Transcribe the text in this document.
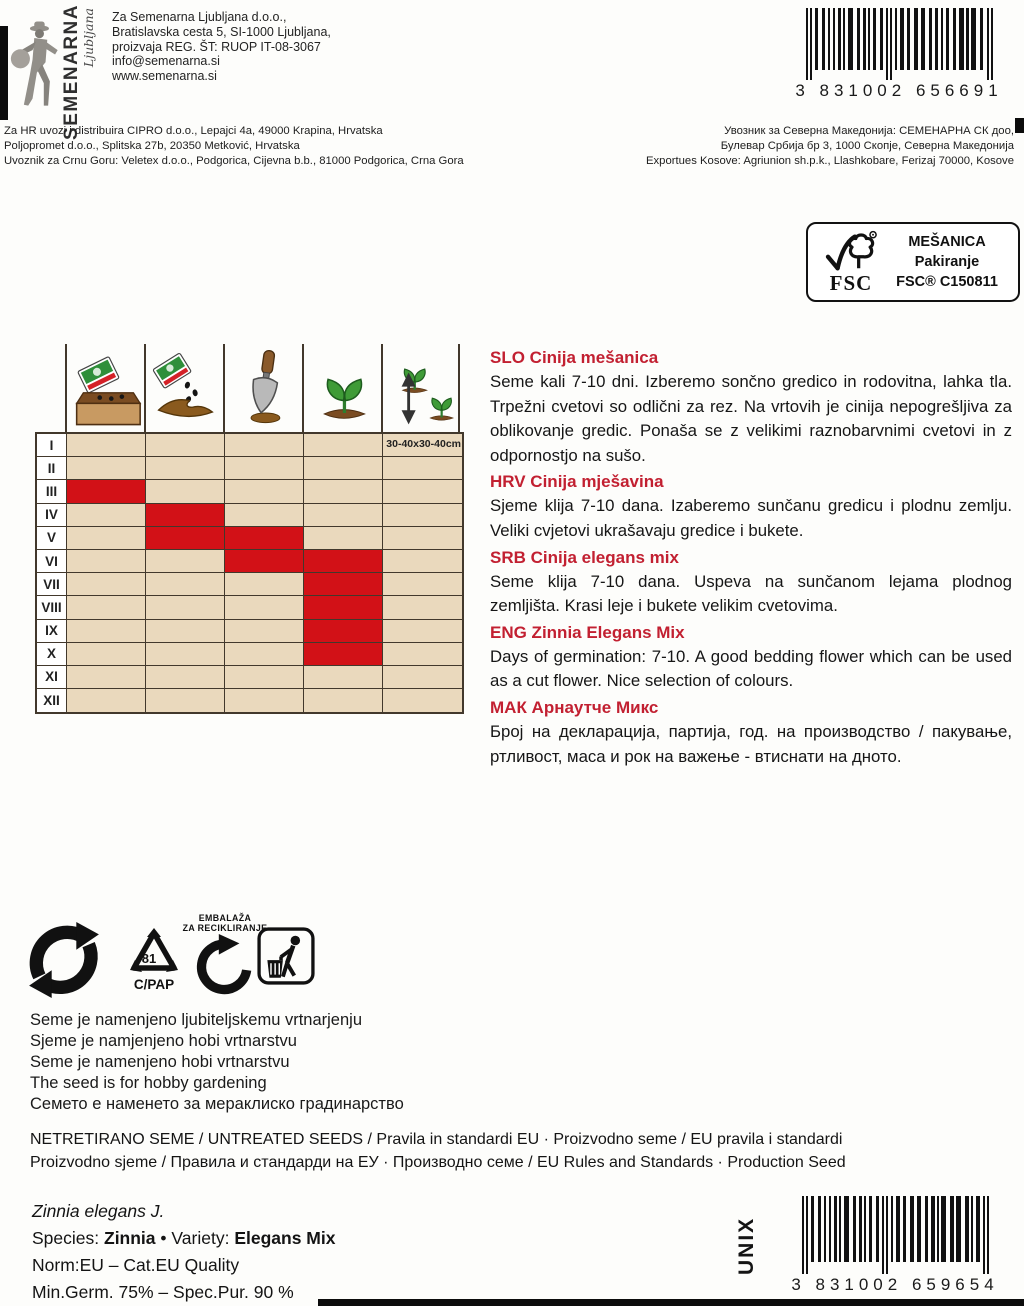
SEMENARNA Ljubljana Za Semenarna Ljubljana d.o.o.,
Bratislavska cesta 5, SI-1000 Ljubljana,
proizvaja REG. ŠT: RUOP IT-08-3067
info@semenarna.si
www.semenarna.si
3 831002 656691
Za HR uvozi i distribuira CIPRO d.o.o., Lepajci 4a, 49000 Krapina, Hrvatska
Poljopromet d.o.o., Splitska 27b, 20350 Metković, Hrvatska
Uvoznik za Crnu Goru: Veletex d.o.o., Podgorica, Cijevna b.b., 81000 Podgorica, Crna Gora
Увозник за Северна Македонија: СЕМЕНАРНА СК доо,
Булевар Србија бр 3, 1000 Скопје, Северна Македонија
Exportues Kosove: Agriunion sh.p.k., Llashkobare, Ferizaj 70000, Kosove
FSC
MEŠANICA
Pakiranje
FSC® C150811
I	30-40x30-40cm
II
III
IV
V
VI
VII
VIII
IX
X
XI
XII
SLO Cinija mešanica

Seme kali 7-10 dni. Izberemo sončno gredico in rodovitna, lahka tla. Trpežni cvetovi so odlični za rez. Na vrtovih je cinija nepogrešljiva za oblikovanje gredic. Ponaša se z velikimi raznobarvnimi cvetovi in z odpornostjo na sušo.

HRV Cinija mješavina

Sjeme klija 7-10 dana. Izaberemo sunčanu gredicu i plodnu zemlju. Veliki cvjetovi ukrašavaju gredice i bukete.

SRB Cinija elegans mix

Seme klija 7-10 dana. Uspeva na sunčanom lejama plodnog zemljišta. Krasi leje i bukete velikim cvetovima.

ENG Zinnia Elegans Mix

Days of germination: 7-10. A good bedding flower which can be used as a cut flower. Nice selection of colours.

МАК Арнаутче Микс

Број на декларација, партија, год. на производство / пакување, ртливост, маса и рок на важење - втиснати на дното.

81
C/PAP
EMBALAŽA
ZA RECIKLIRANJE
Seme je namenjeno ljubiteljskemu vrtnarjenju
Sjeme je namjenjeno hobi vrtnarstvu
Seme je namenjeno hobi vrtnarstvu
The seed is for hobby gardening
Семето е наменето за мераклиско градинарство
NETRETIRANO SEME / UNTREATED SEEDS / Pravila in standardi EU · Proizvodno seme / EU pravila i standardi
Proizvodno sjeme / Правила и стандарди на ЕУ · Производно семе / EU Rules and Standards · Production Seed
Zinnia elegans J.
Species: Zinnia • Variety: Elegans Mix
Norm:EU – Cat.EU Quality
Min.Germ. 75% – Spec.Pur. 90 %
UNIX
3 831002 659654
